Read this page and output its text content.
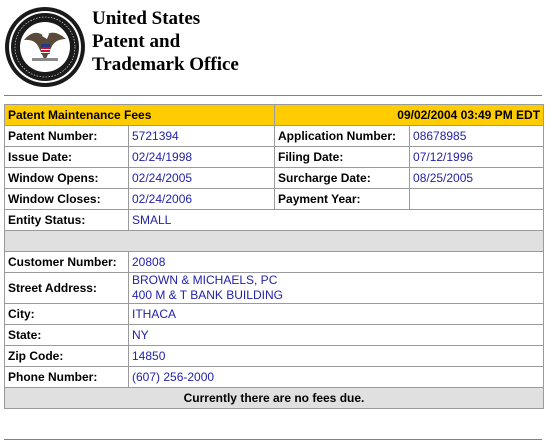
United States
Patent and
Trademark Office
Patent Maintenance Fees		09/02/2004 03:49 PM EDT	
Patent Number:	5721394	Application Number:	08678985
Issue Date:	02/24/1998	Filing Date:	07/12/1996
Window Opens:	02/24/2005	Surcharge Date:	08/25/2005
Window Closes:	02/24/2006	Payment Year:	
Entity Status:	SMALL		

Customer Number:	20808		
Street Address:	BROWN & MICHAELS, PC
400 M & T BANK BUILDING		

City:	ITHACA		
State:	NY		
Zip Code:	14850		
Phone Number:	(607) 256-2000		
Currently there are no fees due.			
